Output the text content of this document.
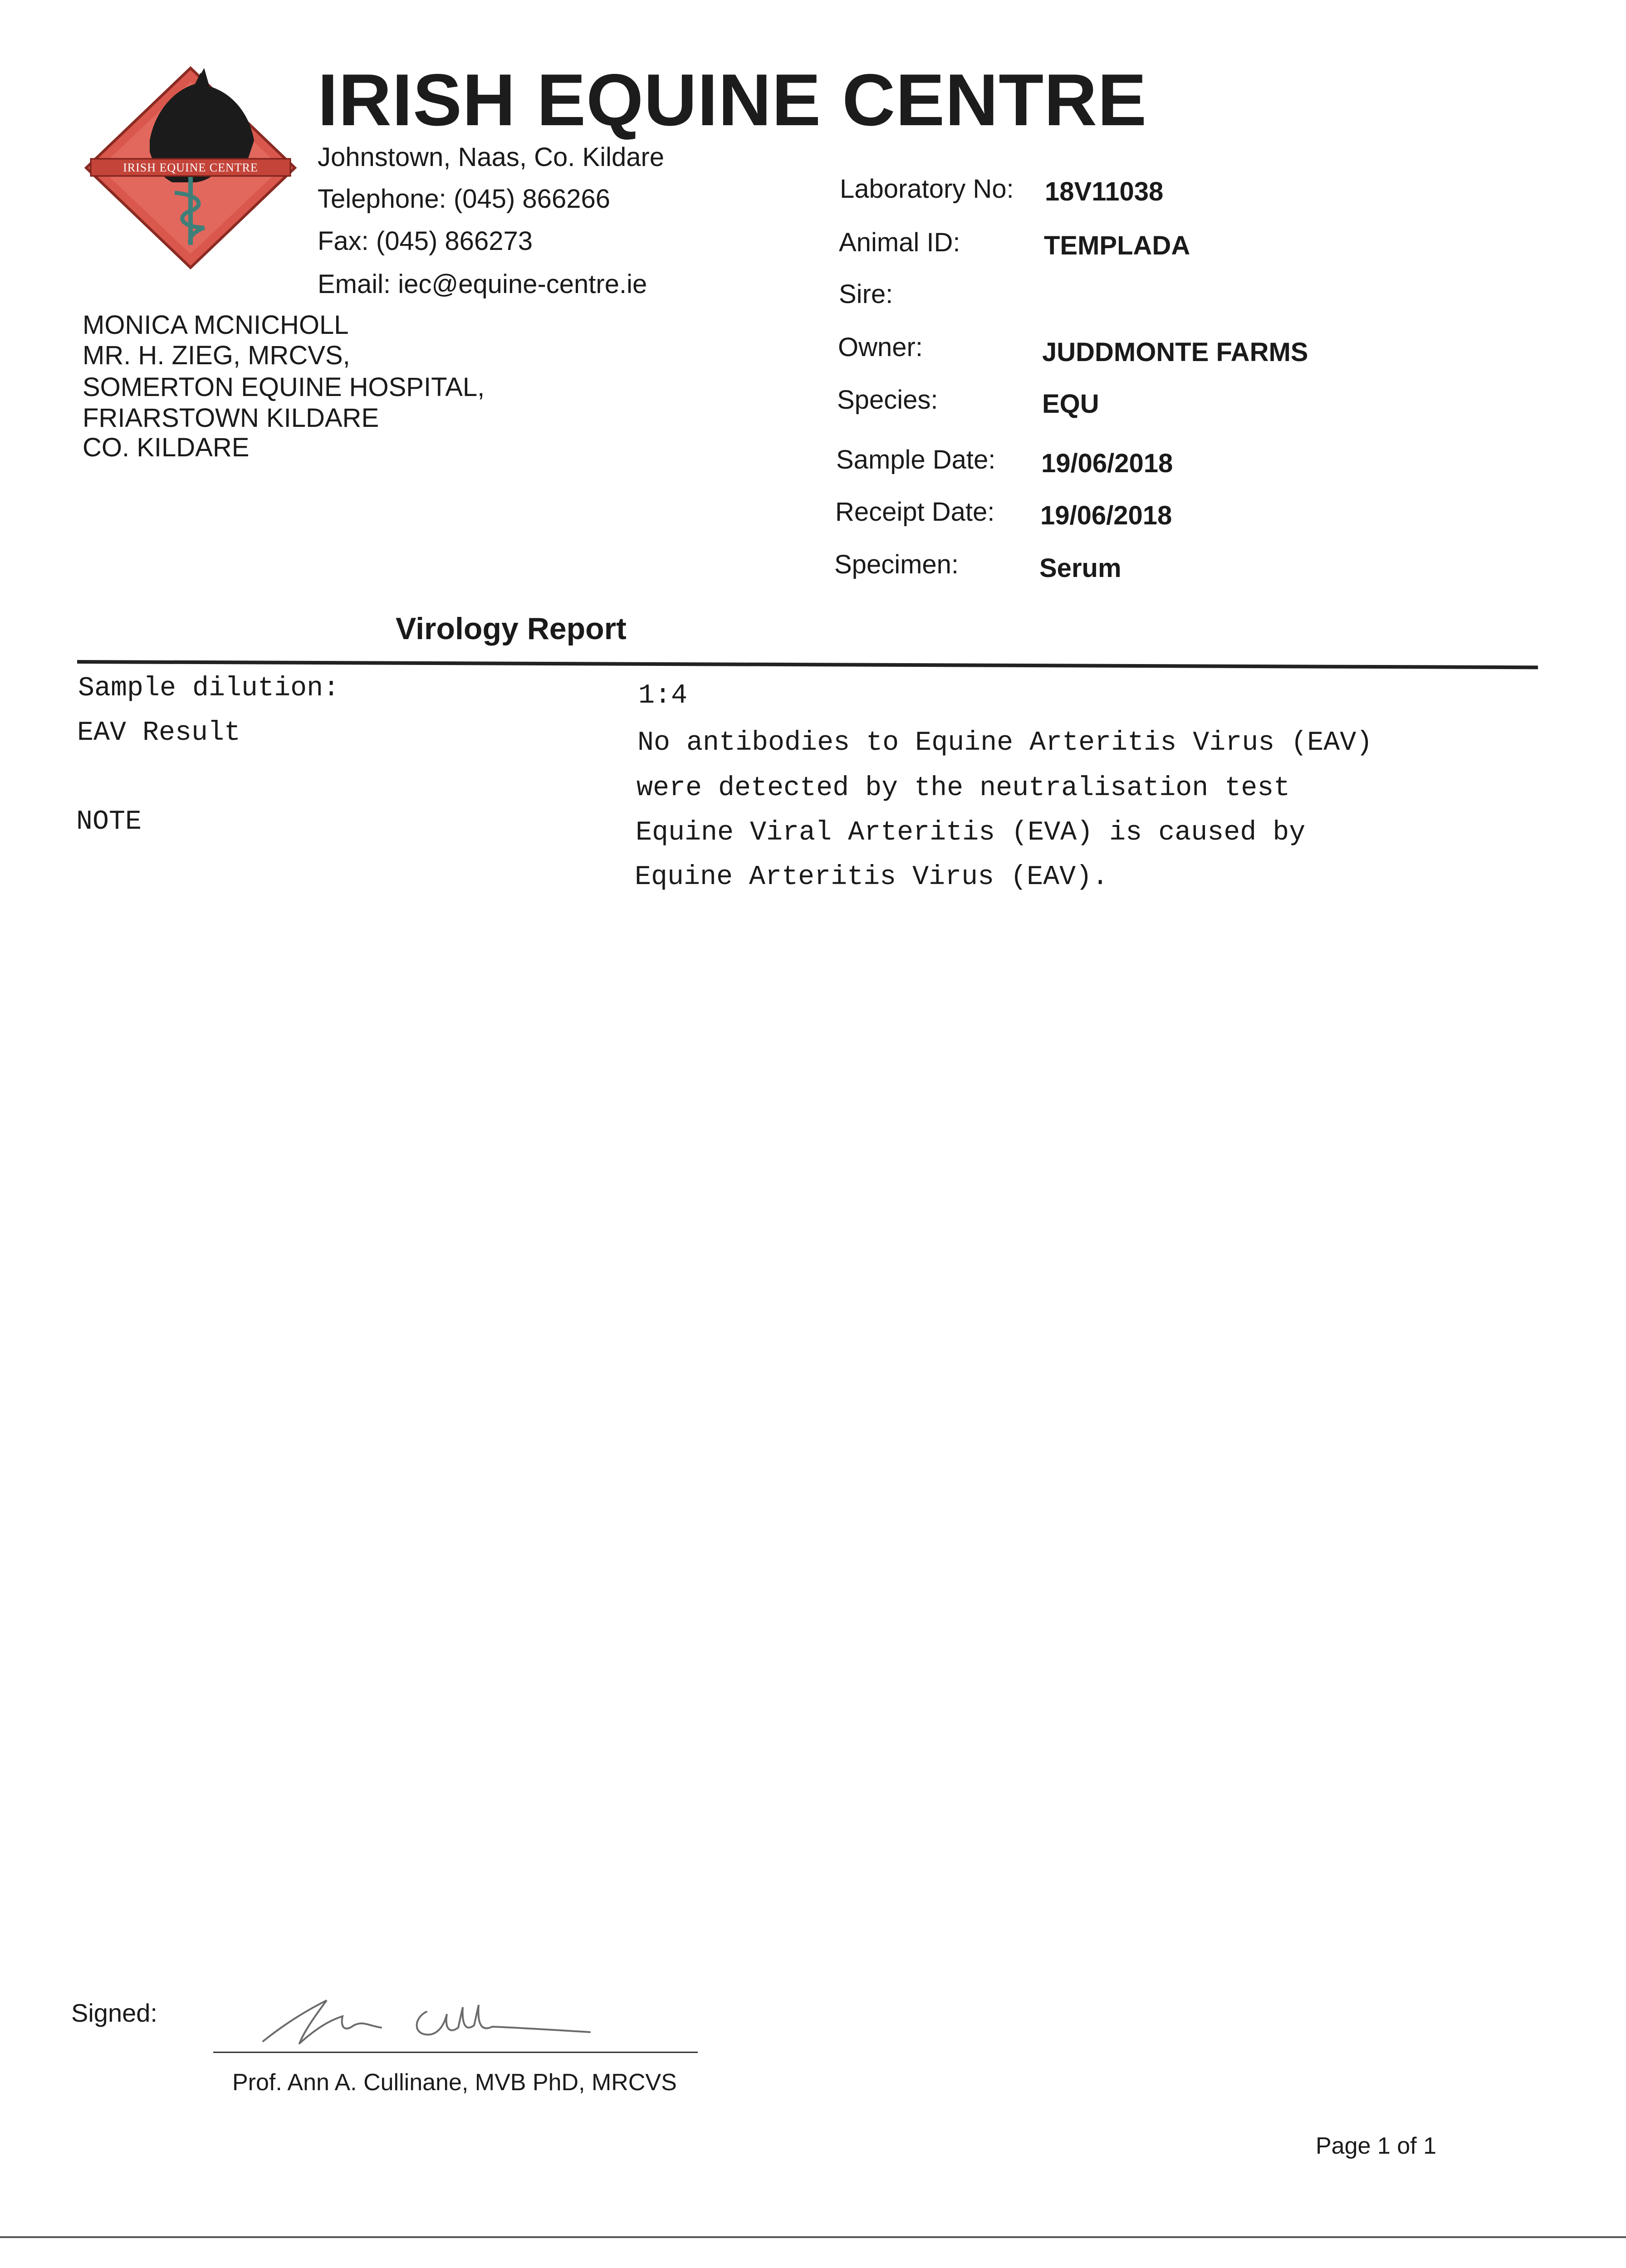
IRISH EQUINE CENTRE
IRISH EQUINE CENTRE
Johnstown, Naas, Co. Kildare
Telephone: (045) 866266
Fax: (045) 866273
Email: iec@equine-centre.ie
MONICA MCNICHOLL
MR. H. ZIEG, MRCVS,
SOMERTON EQUINE HOSPITAL,
FRIARSTOWN KILDARE
CO. KILDARE
Laboratory No: 18V11038
Animal ID:	TEMPLADA
Sire:
Owner:	JUDDMONTE FARMS
Species:	EQU
Sample Date: 19/06/2018
Receipt Date: 19/06/2018
Specimen:	Serum
Virology Report
Sample dilution:	1:4
EAV Result	No antibodies to Equine Arteritis Virus (EAV)
were detected by the neutralisation test
NOTE	Equine Viral Arteritis (EVA) is caused by
Equine Arteritis Virus (EAV).
Signed:
Prof. Ann A. Cullinane, MVB PhD, MRCVS
Page 1 of 1
